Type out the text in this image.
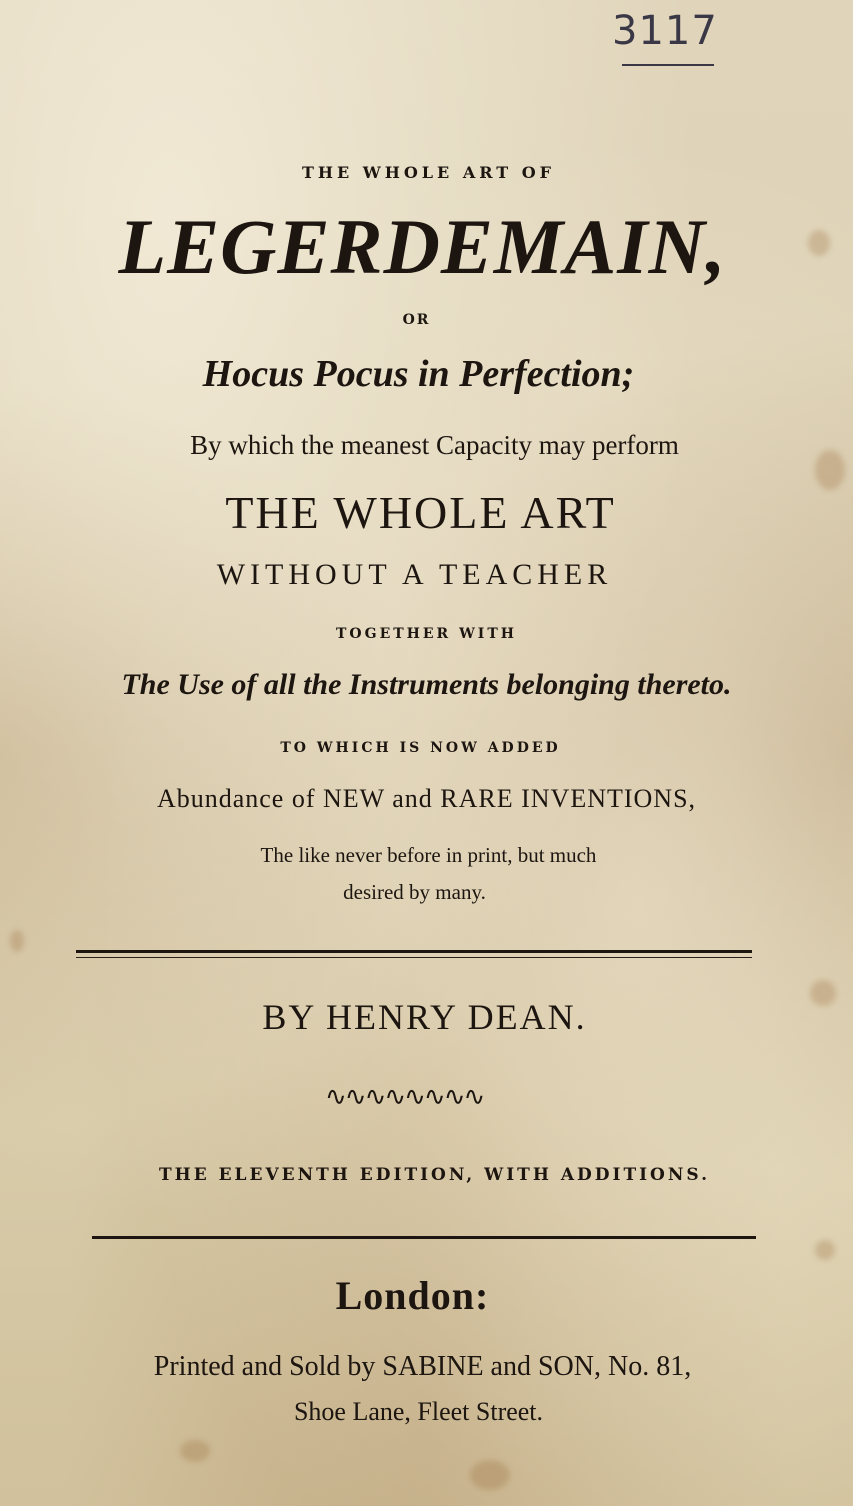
3117
THE WHOLE ART OF
LEGERDEMAIN,
OR
Hocus Pocus in Perfection;
By which the meanest Capacity may perform
THE WHOLE ART
WITHOUT A TEACHER
TOGETHER WITH
The Use of all the Instruments belonging thereto.
TO WHICH IS NOW ADDED
Abundance of NEW and RARE INVENTIONS,
The like never before in print, but much
desired by many.
BY HENRY DEAN.
∿∿∿∿∿∿∿∿
THE ELEVENTH EDITION, WITH ADDITIONS.
London:
Printed and Sold by SABINE and SON, No. 81,
Shoe Lane, Fleet Street.
